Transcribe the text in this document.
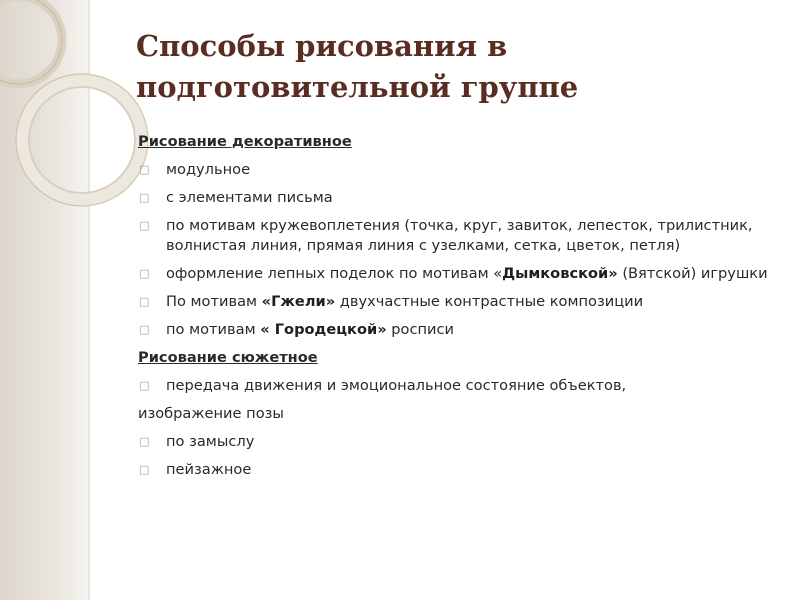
Способы рисования в
подготовительной группе

Рисование декоративное

□ модульное
□ с элементами письма
□ по мотивам кружевоплетения (точка, круг, завиток, лепесток, трилистник, волнистая линия, прямая линия с узелками, сетка, цветок, петля)
□ оформление лепных поделок по мотивам «Дымковской» (Вятской) игрушки
□ По мотивам «Гжели» двухчастные контрастные композиции
□ по мотивам « Городецкой» росписи

Рисование сюжетное

□ передача движения и эмоциональное состояние объектов,

изображение позы

□ по замыслу
□ пейзажное
